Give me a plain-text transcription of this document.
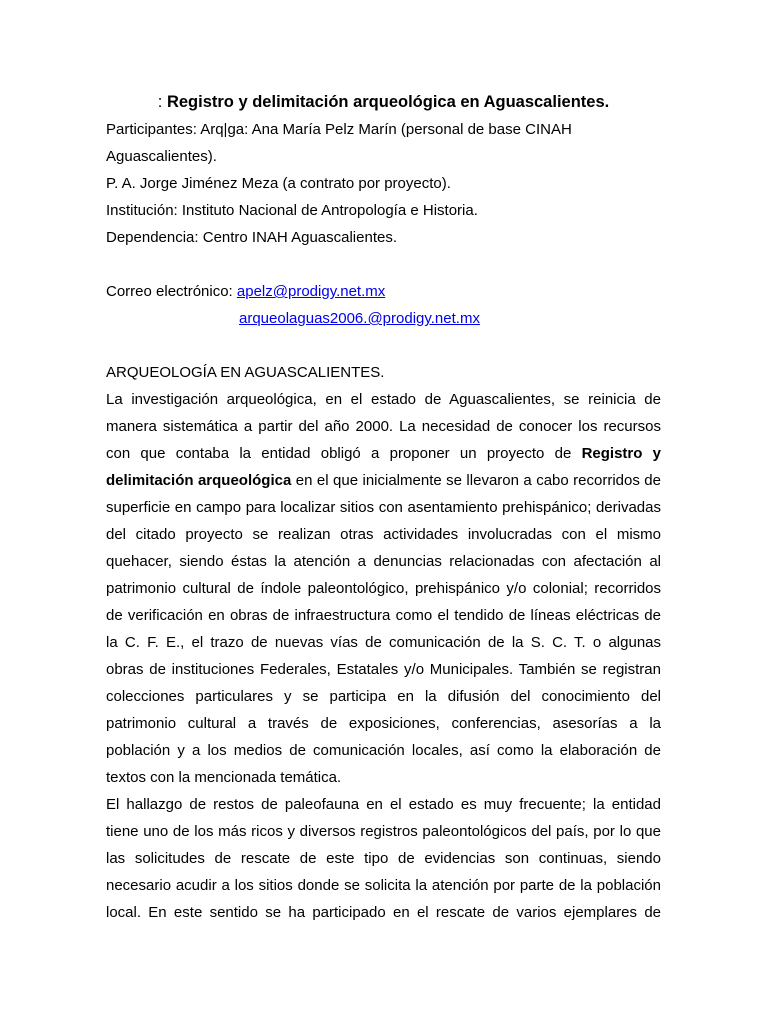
: Registro y delimitación arqueológica en Aguascalientes.

Participantes: Arq|ga: Ana María Pelz Marín (personal de base CINAH

Aguascalientes).

P. A. Jorge Jiménez Meza (a contrato por proyecto).

Institución: Instituto Nacional de Antropología e Historia.

Dependencia: Centro INAH Aguascalientes.

Correo electrónico: apelz@prodigy.net.mx

arqueolaguas2006.@prodigy.net.mx

ARQUEOLOGÍA EN AGUASCALIENTES.

La investigación arqueológica, en el estado de Aguascalientes, se reinicia de

manera sistemática a partir del año 2000. La necesidad de conocer los recursos

con que contaba la entidad obligó a proponer un proyecto de Registro y

delimitación arqueológica en el que inicialmente se llevaron a cabo recorridos de

superficie en campo para localizar sitios con asentamiento prehispánico; derivadas

del citado proyecto se realizan otras actividades involucradas con el mismo

quehacer, siendo éstas la atención a denuncias relacionadas con afectación al

patrimonio cultural de índole paleontológico, prehispánico y/o colonial; recorridos

de verificación en obras de infraestructura como el tendido de líneas eléctricas de

la C. F. E., el trazo de nuevas vías de comunicación de la S. C. T. o algunas

obras de instituciones Federales, Estatales y/o Municipales. También se registran

colecciones particulares y se participa en la difusión del conocimiento del

patrimonio cultural a través de exposiciones, conferencias, asesorías a la

población y a los medios de comunicación locales, así como la elaboración de

textos con la mencionada temática.

El hallazgo de restos de paleofauna en el estado es muy frecuente; la entidad

tiene uno de los más ricos y diversos registros paleontológicos del país, por lo que

las solicitudes de rescate de este tipo de evidencias son continuas, siendo

necesario acudir a los sitios donde se solicita la atención por parte de la población

local. En este sentido se ha participado en el rescate de varios ejemplares de
